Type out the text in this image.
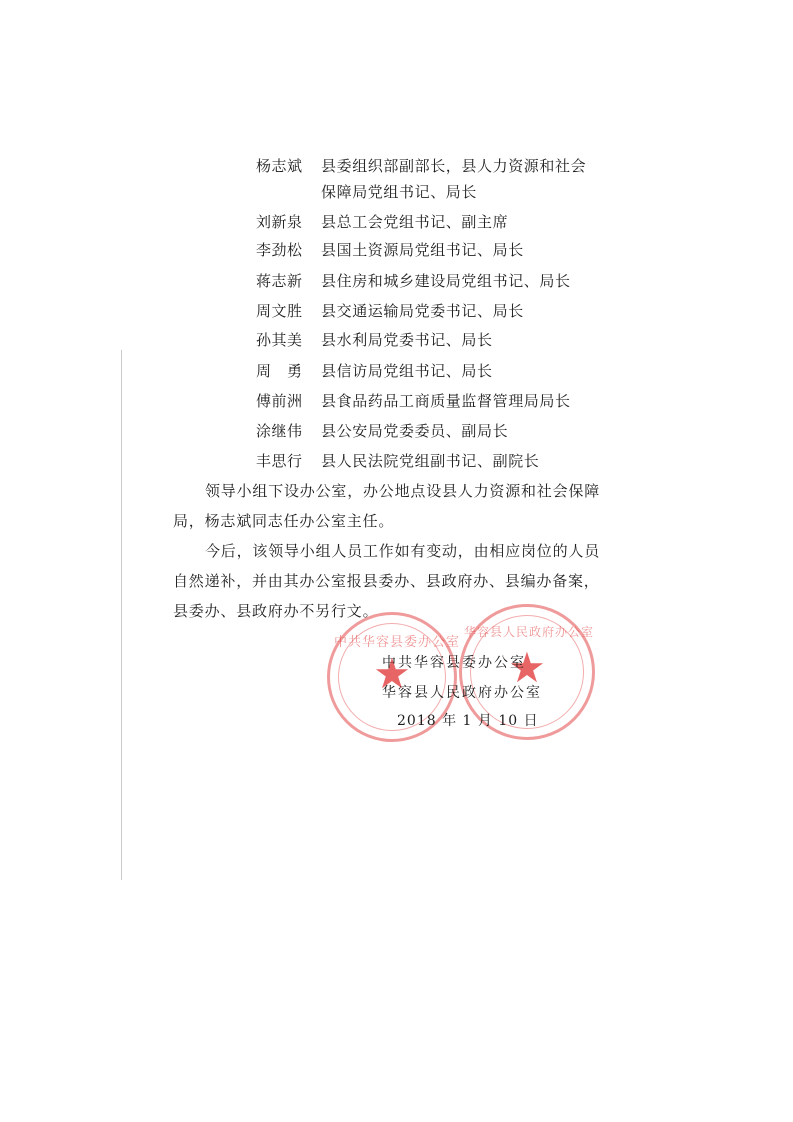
杨志斌	县委组织部副部长，县人力资源和社会
保障局党组书记、局长
刘新泉	县总工会党组书记、副主席
李劲松	县国土资源局党组书记、局长
蒋志新	县住房和城乡建设局党组书记、局长
周文胜	县交通运输局党委书记、局长
孙其美	县水利局党委书记、局长
周　勇	县信访局党组书记、局长
傅前洲	县食品药品工商质量监督管理局局长
涂继伟	县公安局党委委员、副局长
丰思行	县人民法院党组副书记、副院长

领导小组下设办公室，办公地点设县人力资源和社会保障局，杨志斌同志任办公室主任。

今后，该领导小组人员工作如有变动，由相应岗位的人员自然递补，并由其办公室报县委办、县政府办、县编办备案，县委办、县政府办不另行文。

★
中共华容县委办公室
★
华容县人民政府办公室
中共华容县委办公室
华容县人民政府办公室
2018 年 1 月 10 日
